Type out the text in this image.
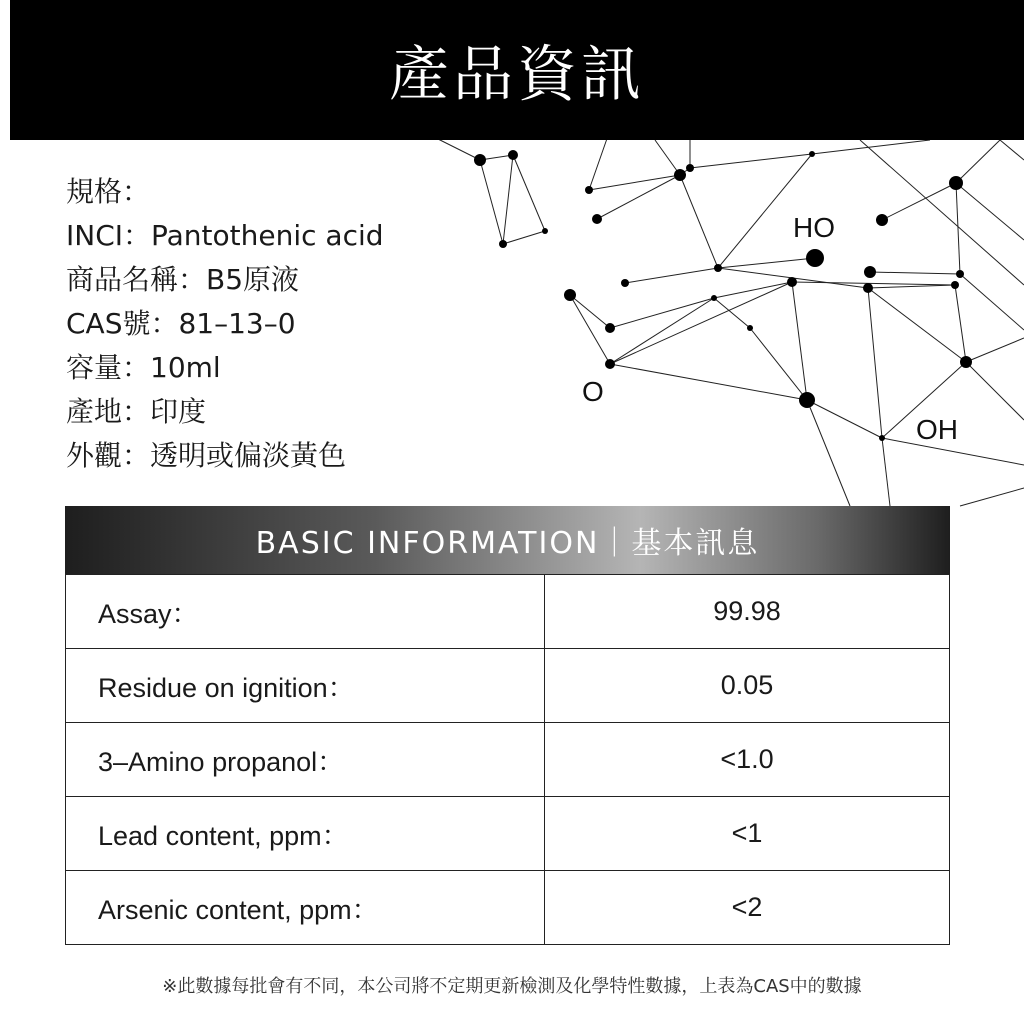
HO
O
OH
產品資訊
規格：
INCI：Pantothenic acid
商品名稱：B5原液
CAS號：81–13–0
容量：10ml
產地：印度
外觀：透明或偏淡黃色
BASIC INFORMATION｜基本訊息
Assay：	99.98
Residue on ignition：	0.05
3–Amino propanol：	<1.0
Lead content, ppm：	<1
Arsenic content, ppm：	<2
※此數據每批會有不同，本公司將不定期更新檢測及化學特性數據，上表為CAS中的數據
